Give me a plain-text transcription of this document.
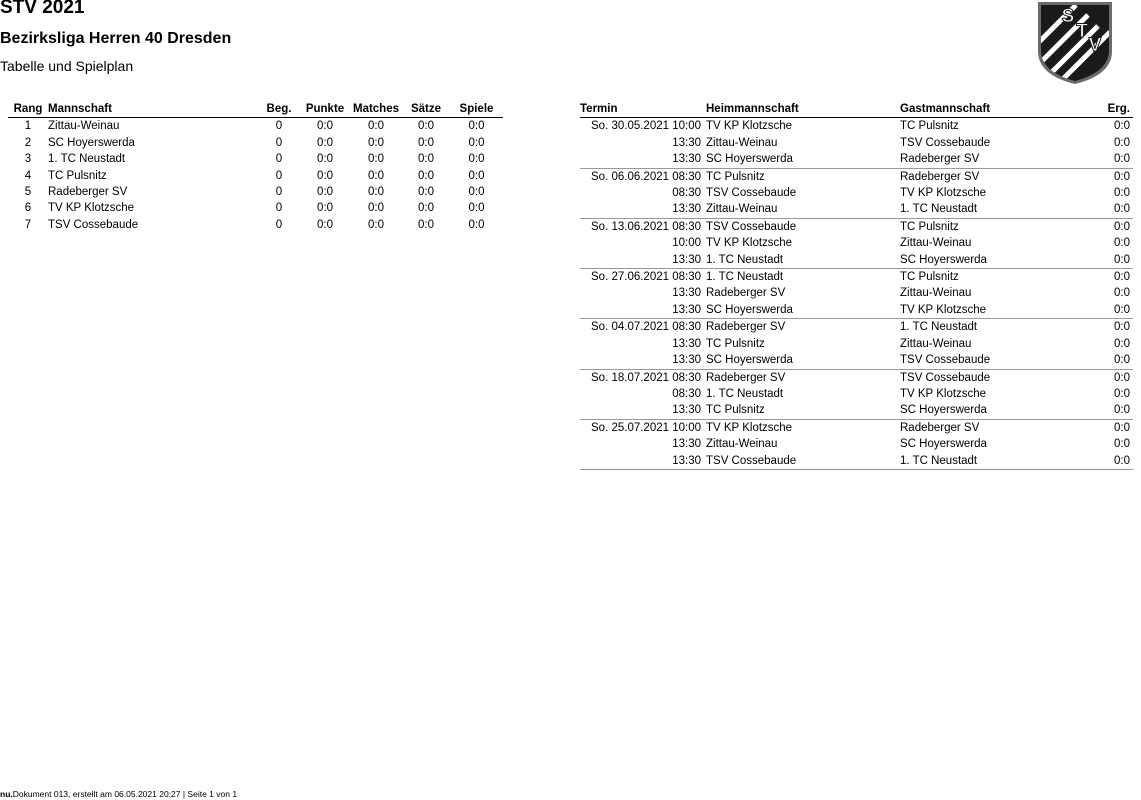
STV 2021
Bezirksliga Herren 40 Dresden

Tabelle und Spielplan

S
T
V
Rang	Mannschaft	Beg.	Punkte	Matches	Sätze	Spiele
1	Zittau-Weinau	0	0:0	0:0	0:0	0:0
2	SC Hoyerswerda	0	0:0	0:0	0:0	0:0
3	1. TC Neustadt	0	0:0	0:0	0:0	0:0
4	TC Pulsnitz	0	0:0	0:0	0:0	0:0
5	Radeberger SV	0	0:0	0:0	0:0	0:0
6	TV KP Klotzsche	0	0:0	0:0	0:0	0:0
7	TSV Cossebaude	0	0:0	0:0	0:0	0:0
Termin	Heimmannschaft	Gastmannschaft	Erg.
So. 30.05.2021 10:00	TV KP Klotzsche	TC Pulsnitz	0:0
13:30	Zittau-Weinau	TSV Cossebaude	0:0
13:30	SC Hoyerswerda	Radeberger SV	0:0
So. 06.06.2021 08:30	TC Pulsnitz	Radeberger SV	0:0
08:30	TSV Cossebaude	TV KP Klotzsche	0:0
13:30	Zittau-Weinau	1. TC Neustadt	0:0
So. 13.06.2021 08:30	TSV Cossebaude	TC Pulsnitz	0:0
10:00	TV KP Klotzsche	Zittau-Weinau	0:0
13:30	1. TC Neustadt	SC Hoyerswerda	0:0
So. 27.06.2021 08:30	1. TC Neustadt	TC Pulsnitz	0:0
13:30	Radeberger SV	Zittau-Weinau	0:0
13:30	SC Hoyerswerda	TV KP Klotzsche	0:0
So. 04.07.2021 08:30	Radeberger SV	1. TC Neustadt	0:0
13:30	TC Pulsnitz	Zittau-Weinau	0:0
13:30	SC Hoyerswerda	TSV Cossebaude	0:0
So. 18.07.2021 08:30	Radeberger SV	TSV Cossebaude	0:0
08:30	1. TC Neustadt	TV KP Klotzsche	0:0
13:30	TC Pulsnitz	SC Hoyerswerda	0:0
So. 25.07.2021 10:00	TV KP Klotzsche	Radeberger SV	0:0
13:30	Zittau-Weinau	SC Hoyerswerda	0:0
13:30	TSV Cossebaude	1. TC Neustadt	0:0
nu.Dokument 013, erstellt am 06.05.2021 20:27 | Seite 1 von 1
